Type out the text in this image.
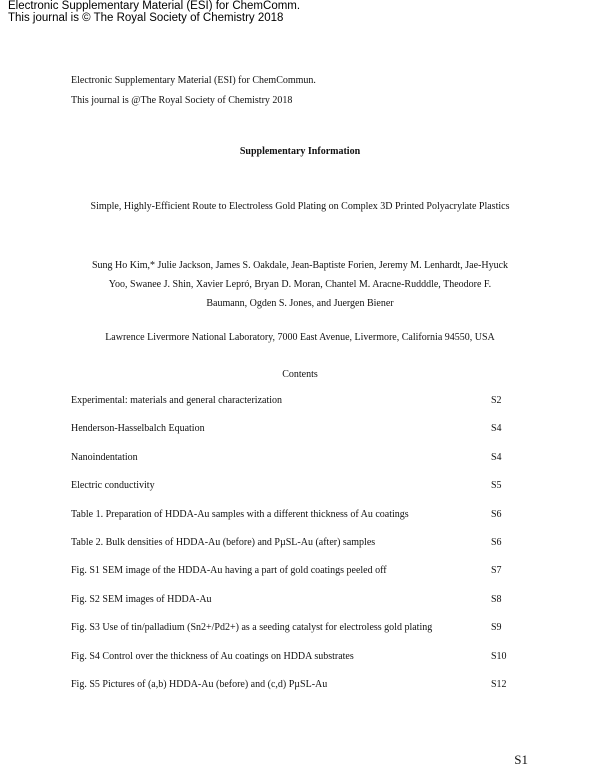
Electronic Supplementary Material (ESI) for ChemComm.
This journal is © The Royal Society of Chemistry 2018
Electronic Supplementary Material (ESI) for ChemCommun.
This journal is @The Royal Society of Chemistry 2018
Supplementary Information
Simple, Highly-Efficient Route to Electroless Gold Plating on Complex 3D Printed Polyacrylate Plastics
Sung Ho Kim,* Julie Jackson, James S. Oakdale, Jean-Baptiste Forien, Jeremy M. Lenhardt, Jae-Hyuck
Yoo, Swanee J. Shin, Xavier Lepró, Bryan D. Moran, Chantel M. Aracne-Rudddle, Theodore F.
Baumann, Ogden S. Jones, and Juergen Biener
Lawrence Livermore National Laboratory, 7000 East Avenue, Livermore, California 94550, USA
Contents
Experimental: materials and general characterization	S2
Henderson-Hasselbalch Equation	S4
Nanoindentation	S4
Electric conductivity	S5
Table 1. Preparation of HDDA-Au samples with a different thickness of Au coatings	S6
Table 2. Bulk densities of HDDA-Au (before) and PµSL-Au (after) samples	S6
Fig. S1 SEM image of the HDDA-Au having a part of gold coatings peeled off	S7
Fig. S2 SEM images of HDDA-Au	S8
Fig. S3 Use of tin/palladium (Sn2+/Pd2+) as a seeding catalyst for electroless gold plating	S9
Fig. S4 Control over the thickness of Au coatings on HDDA substrates	S10
Fig. S5 Pictures of (a,b) HDDA-Au (before) and (c,d) PµSL-Au	S12
S1
